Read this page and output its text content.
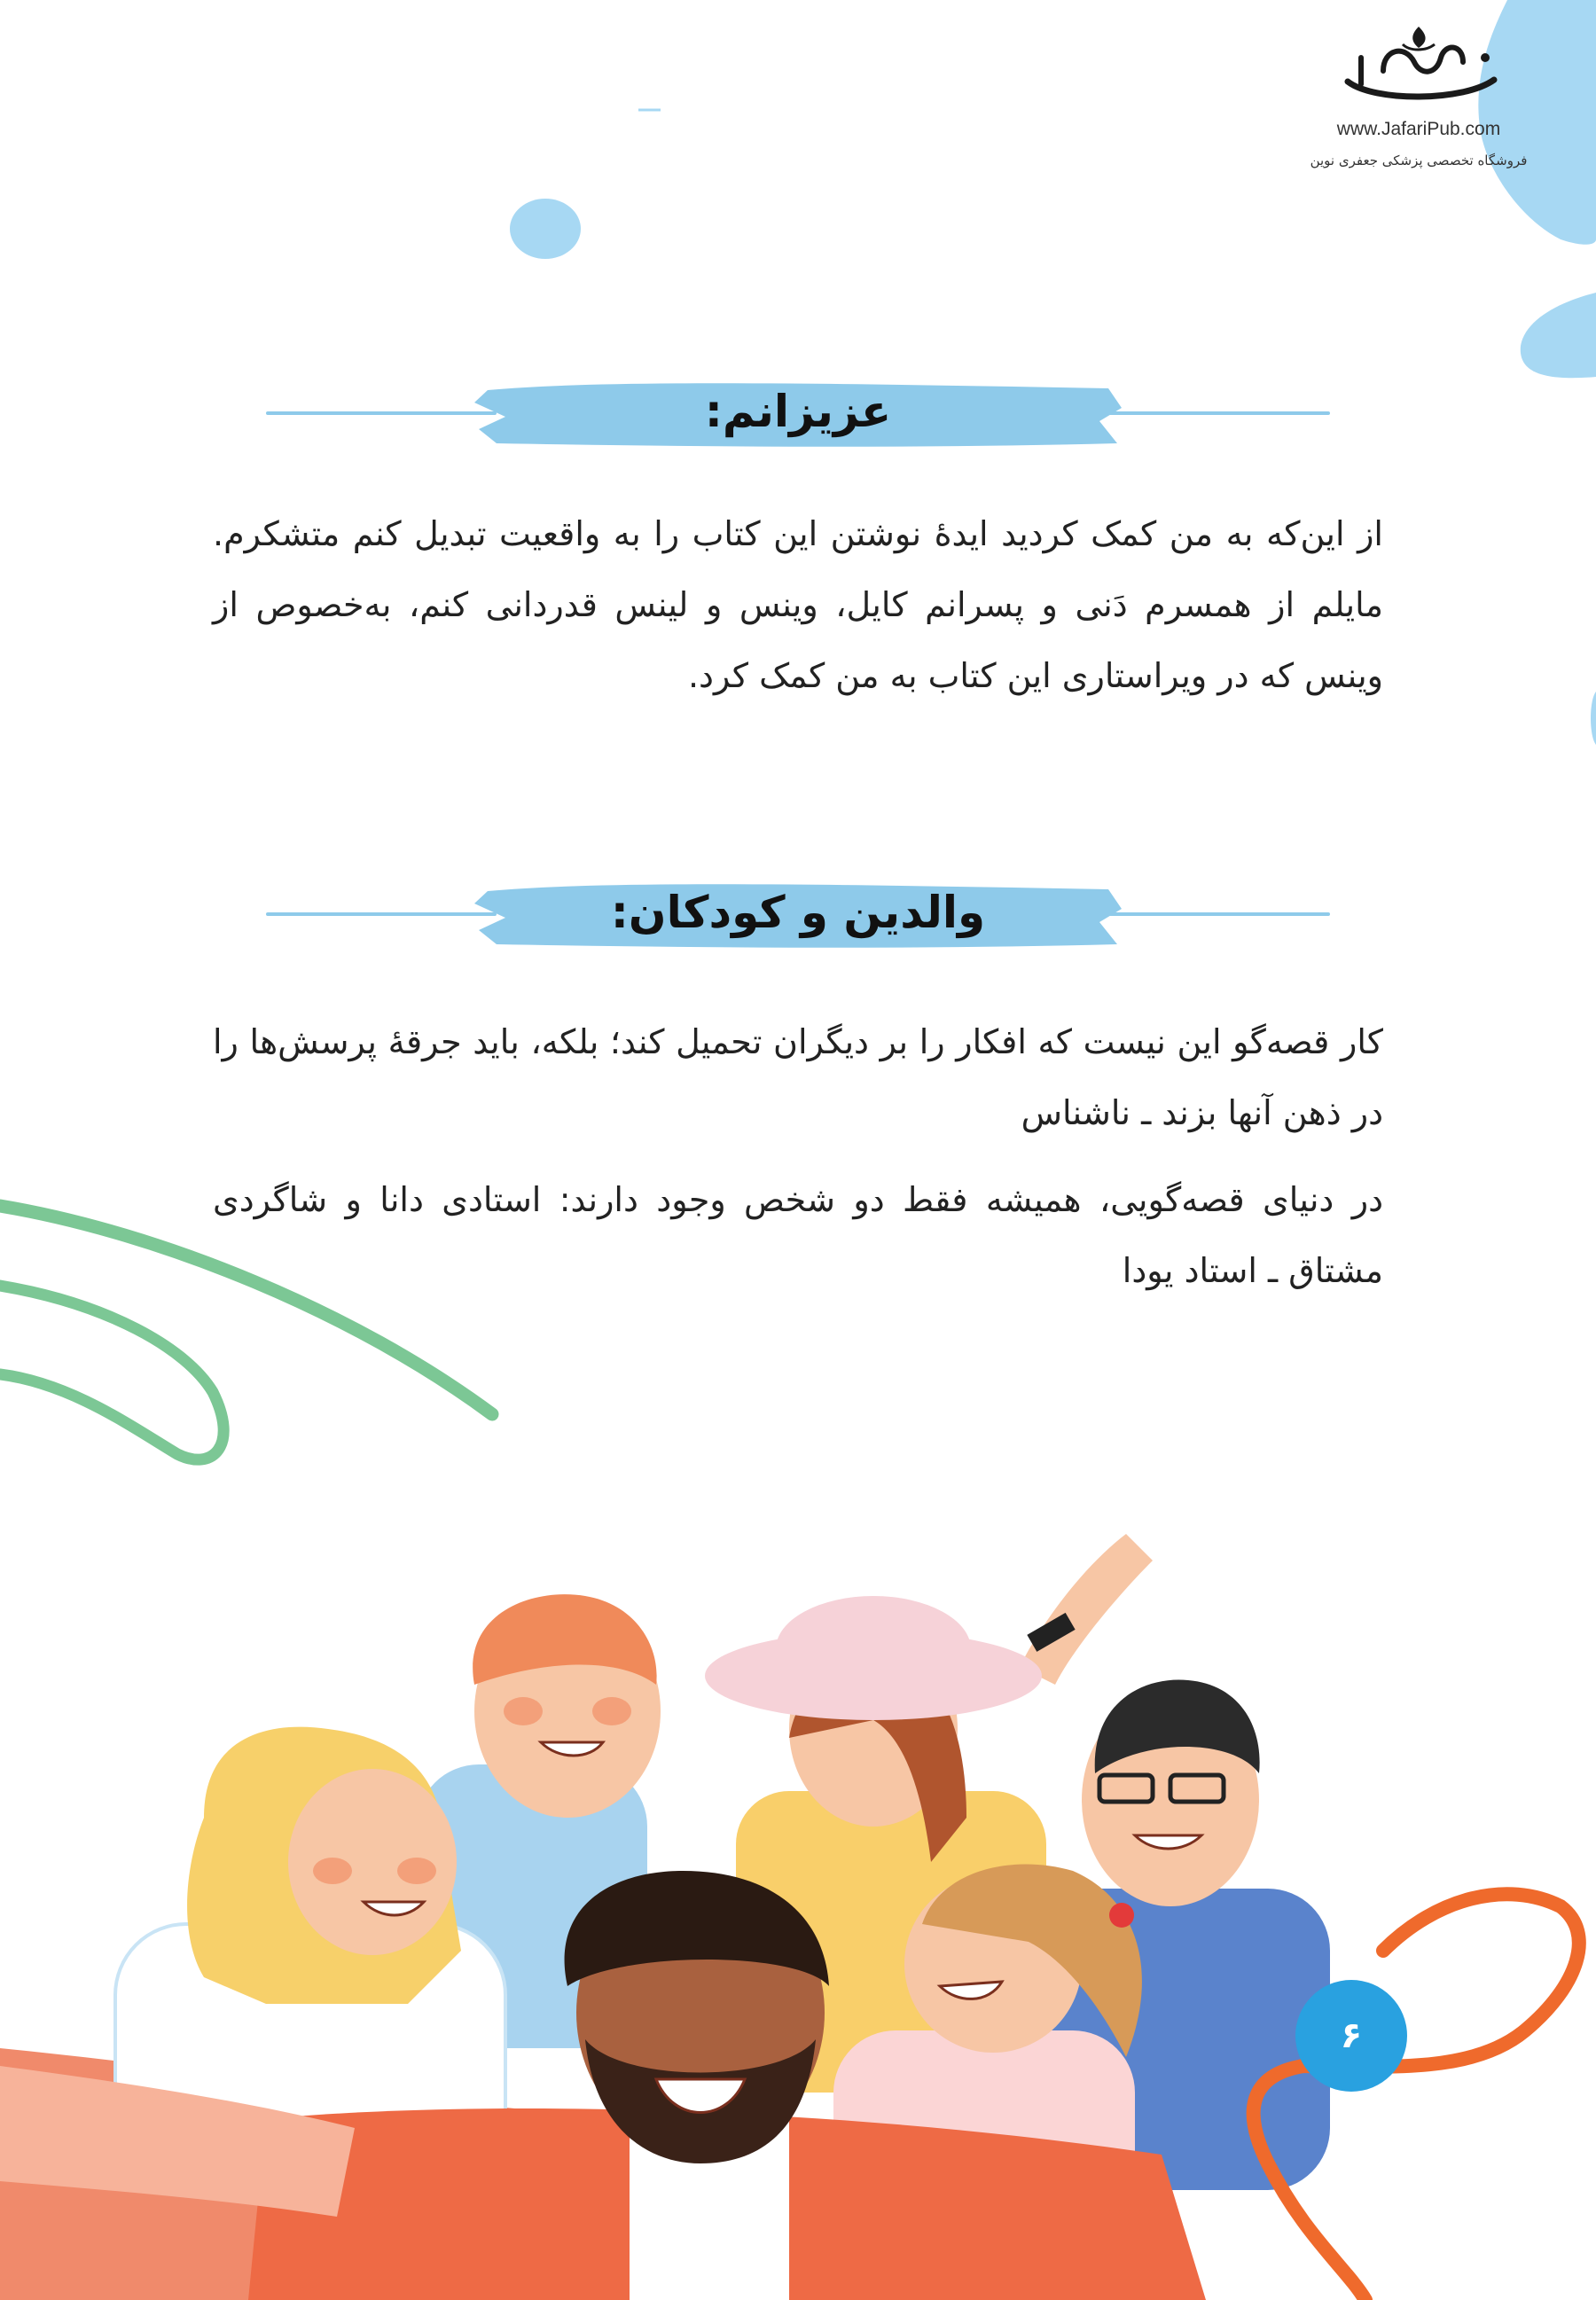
www.JafariPub.com
فروشگاه تخصصی پزشکی جعفری نوین
عزیزانم:
از این‌که به من کمک کردید ایدۀ نوشتن این کتاب را به واقعیت تبدیل کنم متشکرم. مایلم از همسرم دَنی و پسرانم کایل، وینس و لینس قدردانی کنم، به‌خصوص از وینس که در ویراستاری این کتاب به من کمک کرد.
والدین و کودکان:
کار قصه‌گو این نیست که افکار را بر دیگران تحمیل کند؛ بلکه، باید جرقۀ پرسش‌ها را در ذهن آنها بزند ـ ناشناس
در دنیای قصه‌گویی، همیشه فقط دو شخص وجود دارند: استادی دانا و شاگردی مشتاق ـ استاد یودا
۶
